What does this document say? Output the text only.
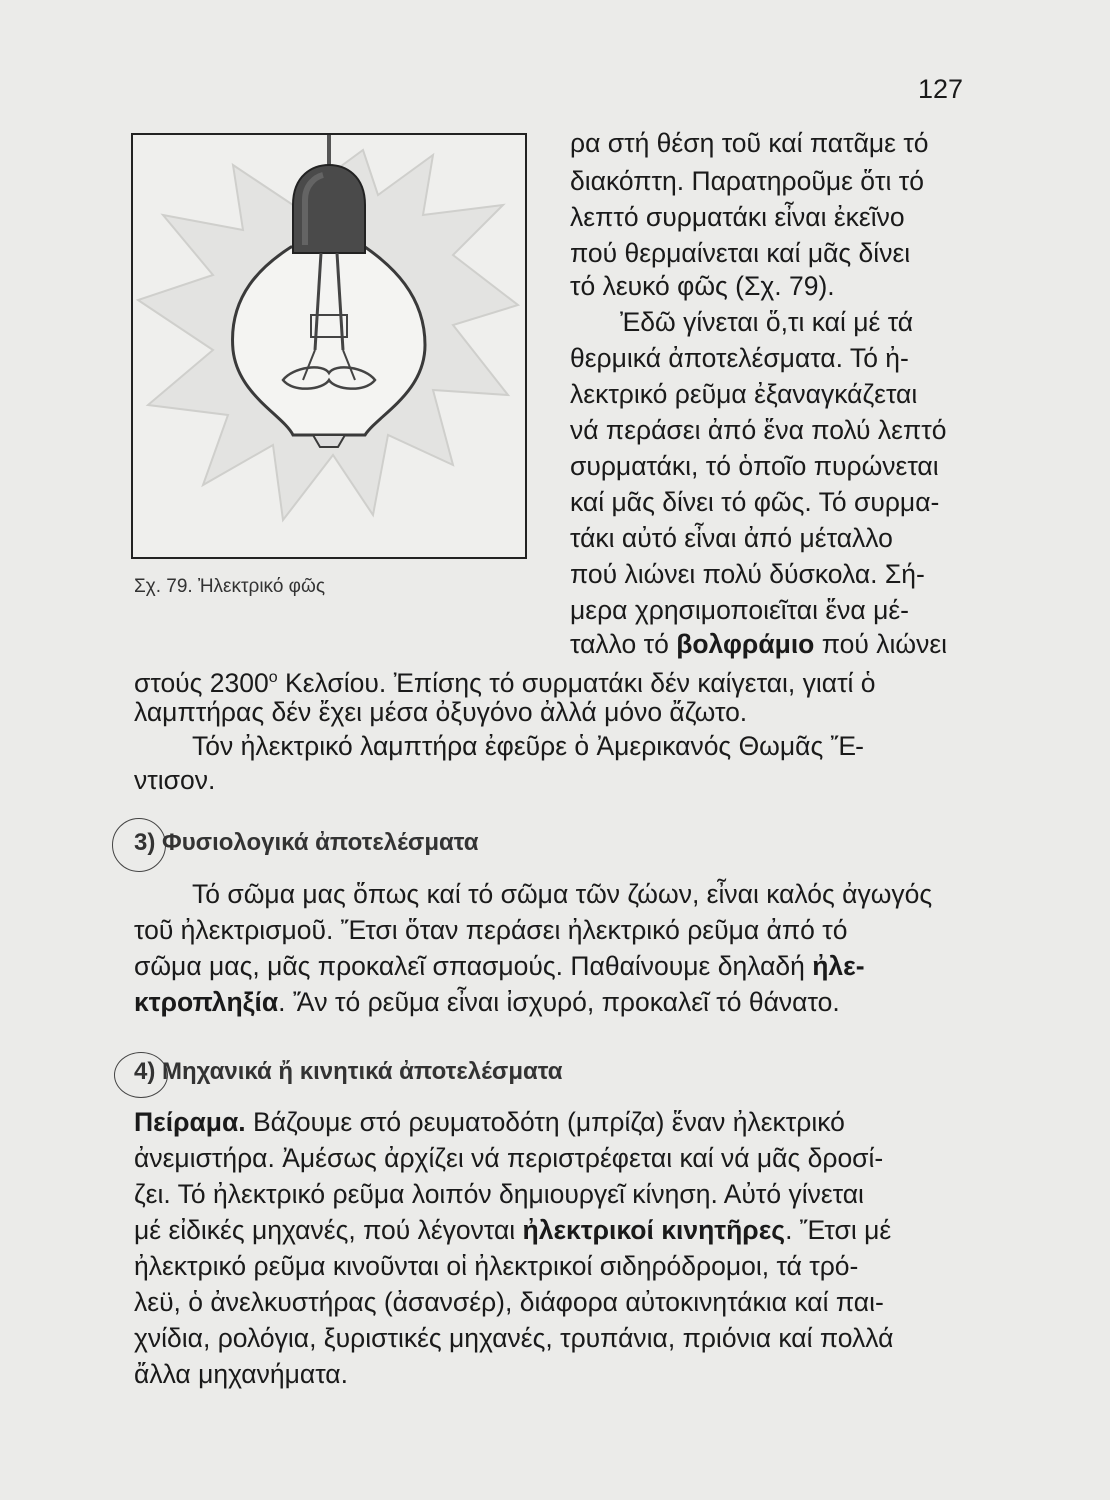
127
Σχ. 79. Ἠλεκτρικό φῶς
ρα στή θέση τοῦ καί πατᾶμε τό
διακόπτη. Παρατηροῦμε ὅτι τό
λεπτό συρματάκι εἶναι ἐκεῖνο
πού θερμαίνεται καί μᾶς δίνει
τό λευκό φῶς (Σχ. 79).
Ἐδῶ γίνεται ὅ,τι καί μέ τά
θερμικά ἀποτελέσματα. Τό ἠ-
λεκτρικό ρεῦμα ἐξαναγκάζεται
νά περάσει ἀπό ἕνα πολύ λεπτό
συρματάκι, τό ὁποῖο πυρώνεται
καί μᾶς δίνει τό φῶς. Τό συρμα-
τάκι αὐτό εἶναι ἀπό μέταλλο
πού λιώνει πολύ δύσκολα. Σή-
μερα χρησιμοποιεῖται ἕνα μέ-
ταλλο τό βολφράμιο πού λιώνει
στούς $2300^o$ Κελσίου. Ἐπίσης τό συρματάκι δέν καίγεται, γιατί ὁ
λαμπτήρας δέν ἔχει μέσα ὀξυγόνο ἀλλά μόνο ἄζωτο.
Τόν ἠλεκτρικό λαμπτήρα ἐφεῦρε ὁ Ἀμερικανός Θωμᾶς Ἔ-
ντισον.
3) Φυσιολογικά ἀποτελέσματα
Τό σῶμα μας ὅπως καί τό σῶμα τῶν ζώων, εἶναι καλός ἀγωγός
τοῦ ἠλεκτρισμοῦ. Ἔτσι ὅταν περάσει ἠλεκτρικό ρεῦμα ἀπό τό
σῶμα μας, μᾶς προκαλεῖ σπασμούς. Παθαίνουμε δηλαδή ἠλε-
κτροπληξία. Ἄν τό ρεῦμα εἶναι ἰσχυρό, προκαλεῖ τό θάνατο.
4) Μηχανικά ἤ κινητικά ἀποτελέσματα
Πείραμα. Βάζουμε στό ρευματοδότη (μπρίζα) ἕναν ἠλεκτρικό
ἀνεμιστήρα. Ἀμέσως ἀρχίζει νά περιστρέφεται καί νά μᾶς δροσί-
ζει. Τό ἠλεκτρικό ρεῦμα λοιπόν δημιουργεῖ κίνηση. Αὐτό γίνεται
μέ εἰδικές μηχανές, πού λέγονται ἠλεκτρικοί κινητῆρες. Ἔτσι μέ
ἠλεκτρικό ρεῦμα κινοῦνται οἱ ἠλεκτρικοί σιδηρόδρομοι, τά τρό-
λεϋ, ὁ ἀνελκυστήρας (ἀσανσέρ), διάφορα αὐτοκινητάκια καί παι-
χνίδια, ρολόγια, ξυριστικές μηχανές, τρυπάνια, πριόνια καί πολλά
ἄλλα μηχανήματα.
